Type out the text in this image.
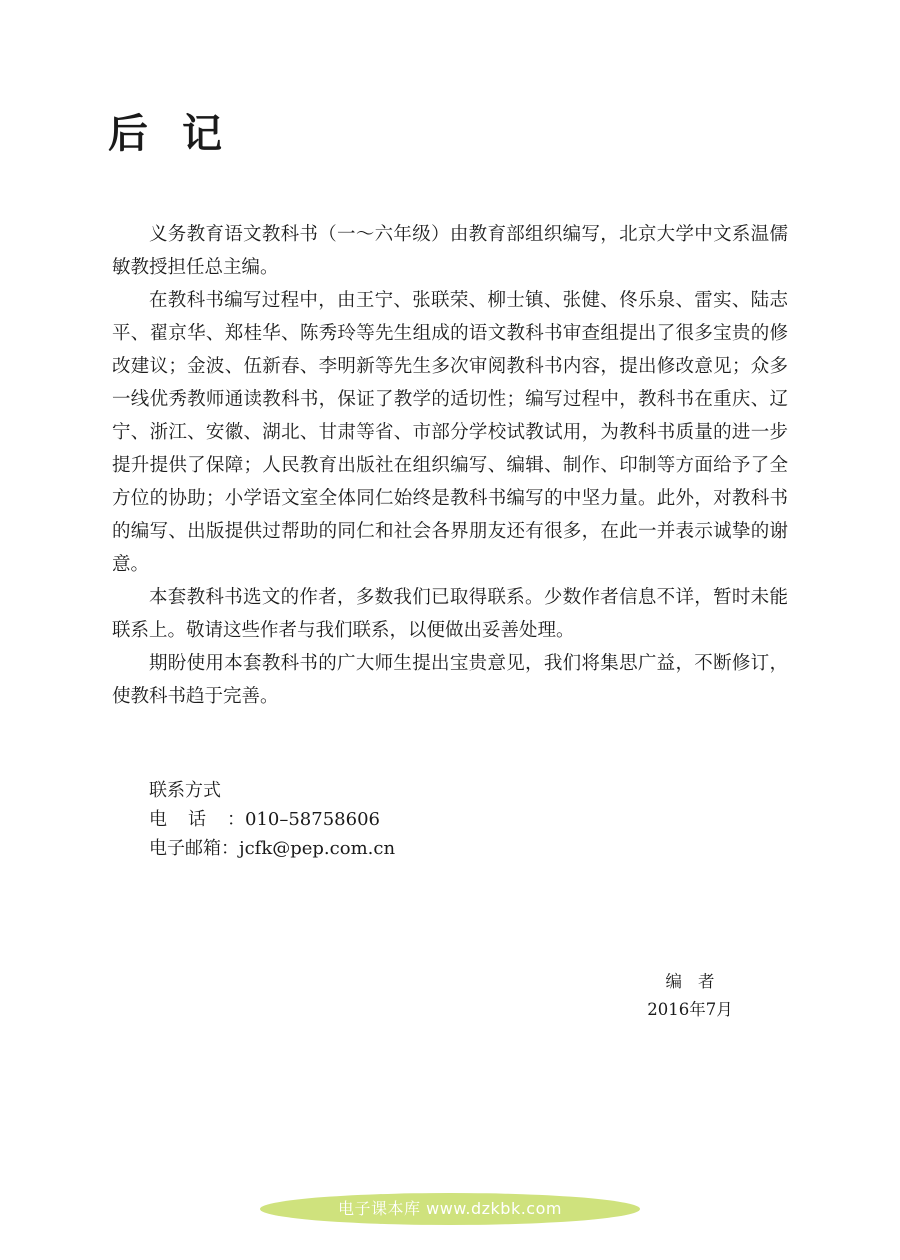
后记

义务教育语文教科书（一～六年级）由教育部组织编写，北京大学中文系温儒敏教授担任总主编。

在教科书编写过程中，由王宁、张联荣、柳士镇、张健、佟乐泉、雷实、陆志平、翟京华、郑桂华、陈秀玲等先生组成的语文教科书审查组提出了很多宝贵的修改建议；金波、伍新春、李明新等先生多次审阅教科书内容，提出修改意见；众多一线优秀教师通读教科书，保证了教学的适切性；编写过程中，教科书在重庆、辽宁、浙江、安徽、湖北、甘肃等省、市部分学校试教试用，为教科书质量的进一步提升提供了保障；人民教育出版社在组织编写、编辑、制作、印制等方面给予了全方位的协助；小学语文室全体同仁始终是教科书编写的中坚力量。此外，对教科书的编写、出版提供过帮助的同仁和社会各界朋友还有很多，在此一并表示诚挚的谢意。

本套教科书选文的作者，多数我们已取得联系。少数作者信息不详，暂时未能联系上。敬请这些作者与我们联系，以便做出妥善处理。

期盼使用本套教科书的广大师生提出宝贵意见，我们将集思广益，不断修订，使教科书趋于完善。

联系方式
电话：010–58758606
电子邮箱：jcfk@pep.com.cn
编者
2016年7月
电子课本库 www.dzkbk.com
